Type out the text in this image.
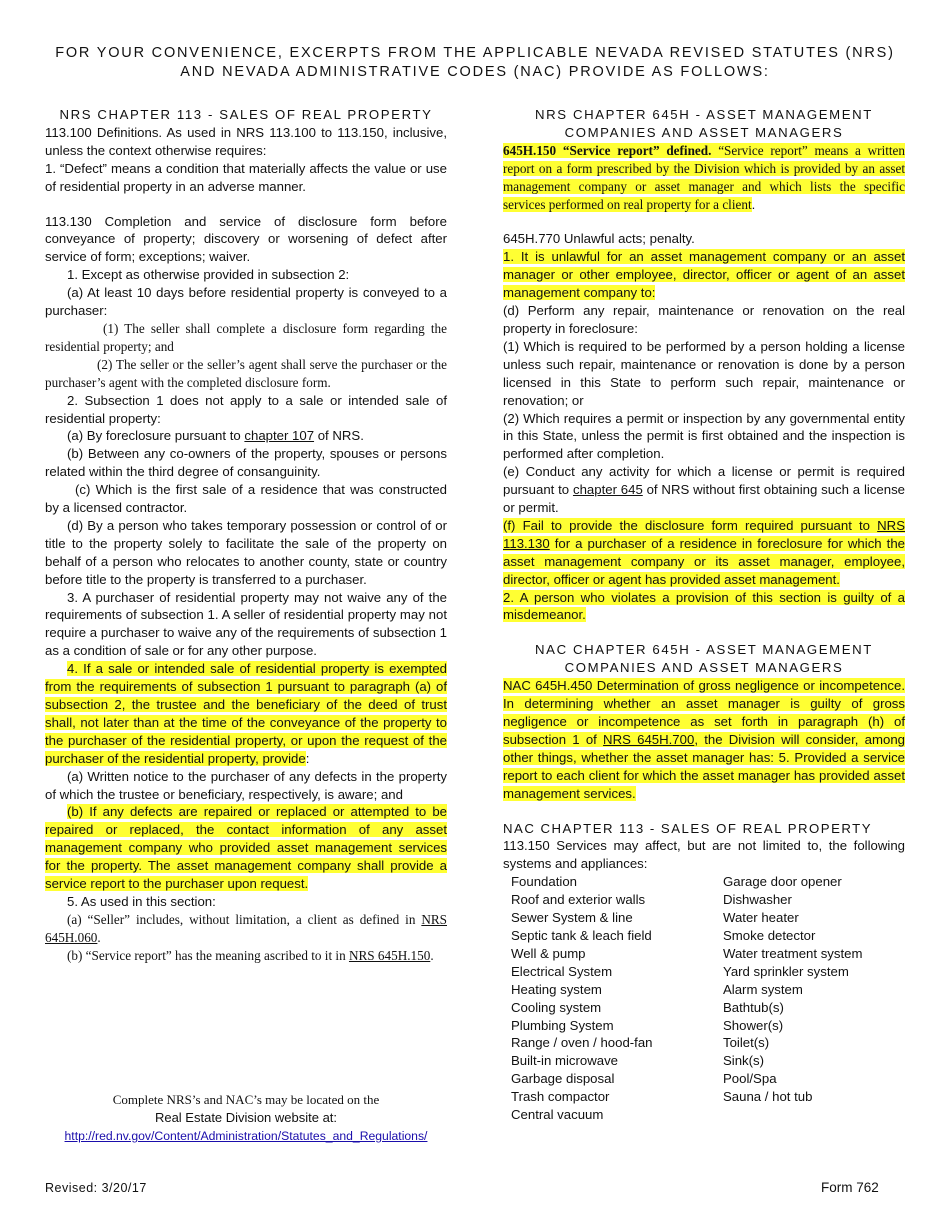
FOR YOUR CONVENIENCE, EXCERPTS FROM THE APPLICABLE NEVADA REVISED STATUTES (NRS)
AND NEVADA ADMINISTRATIVE CODES (NAC) PROVIDE AS FOLLOWS:
NRS CHAPTER 113 - SALES OF REAL PROPERTY

113.100 Definitions. As used in NRS 113.100 to 113.150, inclusive, unless the context otherwise requires:

1. “Defect” means a condition that materially affects the value or use of residential property in an adverse manner.

113.130 Completion and service of disclosure form before conveyance of property; discovery or worsening of defect after service of form; exceptions; waiver.

1. Except as otherwise provided in subsection 2:

(a) At least 10 days before residential property is conveyed to a purchaser:

(1) The seller shall complete a disclosure form regarding the residential property; and

(2) The seller or the seller’s agent shall serve the purchaser or the purchaser’s agent with the completed disclosure form.

2. Subsection 1 does not apply to a sale or intended sale of residential property:

(a) By foreclosure pursuant to chapter 107 of NRS.

(b) Between any co-owners of the property, spouses or persons related within the third degree of consanguinity.

(c) Which is the first sale of a residence that was constructed by a licensed contractor.

(d) By a person who takes temporary possession or control of or title to the property solely to facilitate the sale of the property on behalf of a person who relocates to another county, state or country before title to the property is transferred to a purchaser.

3. A purchaser of residential property may not waive any of the requirements of subsection 1. A seller of residential property may not require a purchaser to waive any of the requirements of subsection 1 as a condition of sale or for any other purpose.

4. If a sale or intended sale of residential property is exempted from the requirements of subsection 1 pursuant to paragraph (a) of subsection 2, the trustee and the beneficiary of the deed of trust shall, not later than at the time of the conveyance of the property to the purchaser of the residential property, or upon the request of the purchaser of the residential property, provide:

(a) Written notice to the purchaser of any defects in the property of which the trustee or beneficiary, respectively, is aware; and

(b) If any defects are repaired or replaced or attempted to be repaired or replaced, the contact information of any asset management company who provided asset management services for the property. The asset management company shall provide a service report to the purchaser upon request.

5. As used in this section:

(a) “Seller” includes, without limitation, a client as defined in NRS 645H.060.

(b) “Service report” has the meaning ascribed to it in NRS 645H.150.

Complete NRS’s and NAC’s may be located on the
Real Estate Division website at:
http://red.nv.gov/Content/Administration/Statutes_and_Regulations/
NRS CHAPTER 645H - ASSET MANAGEMENT
COMPANIES AND ASSET MANAGERS

645H.150 “Service report” defined. “Service report” means a written report on a form prescribed by the Division which is provided by an asset management company or asset manager and which lists the specific services performed on real property for a client.

645H.770 Unlawful acts; penalty.

1. It is unlawful for an asset management company or an asset manager or other employee, director, officer or agent of an asset management company to:

(d) Perform any repair, maintenance or renovation on the real property in foreclosure:

(1) Which is required to be performed by a person holding a license unless such repair, maintenance or renovation is done by a person licensed in this State to perform such repair, maintenance or renovation; or

(2) Which requires a permit or inspection by any governmental entity in this State, unless the permit is first obtained and the inspection is performed after completion.

(e) Conduct any activity for which a license or permit is required pursuant to chapter 645 of NRS without first obtaining such a license or permit.

(f) Fail to provide the disclosure form required pursuant to NRS 113.130 for a purchaser of a residence in foreclosure for which the asset management company or its asset manager, employee, director, officer or agent has provided asset management.

2. A person who violates a provision of this section is guilty of a misdemeanor.

NAC CHAPTER 645H - ASSET MANAGEMENT
COMPANIES AND ASSET MANAGERS

NAC 645H.450 Determination of gross negligence or incompetence. In determining whether an asset manager is guilty of gross negligence or incompetence as set forth in paragraph (h) of subsection 1 of NRS 645H.700, the Division will consider, among other things, whether the asset manager has: 5. Provided a service report to each client for which the asset manager has provided asset management services.

NAC CHAPTER 113 - SALES OF REAL PROPERTY

113.150 Services may affect, but are not limited to, the following systems and appliances:

Foundation
Roof and exterior walls
Sewer System & line
Septic tank & leach field
Well & pump
Electrical System
Heating system
Cooling system
Plumbing System
Range / oven / hood-fan
Built-in microwave
Garbage disposal
Trash compactor
Central vacuum
Garage door opener
Dishwasher
Water heater
Smoke detector
Water treatment system
Yard sprinkler system
Alarm system
Bathtub(s)
Shower(s)
Toilet(s)
Sink(s)
Pool/Spa
Sauna / hot tub
Revised: 3/20/17	Form 762
